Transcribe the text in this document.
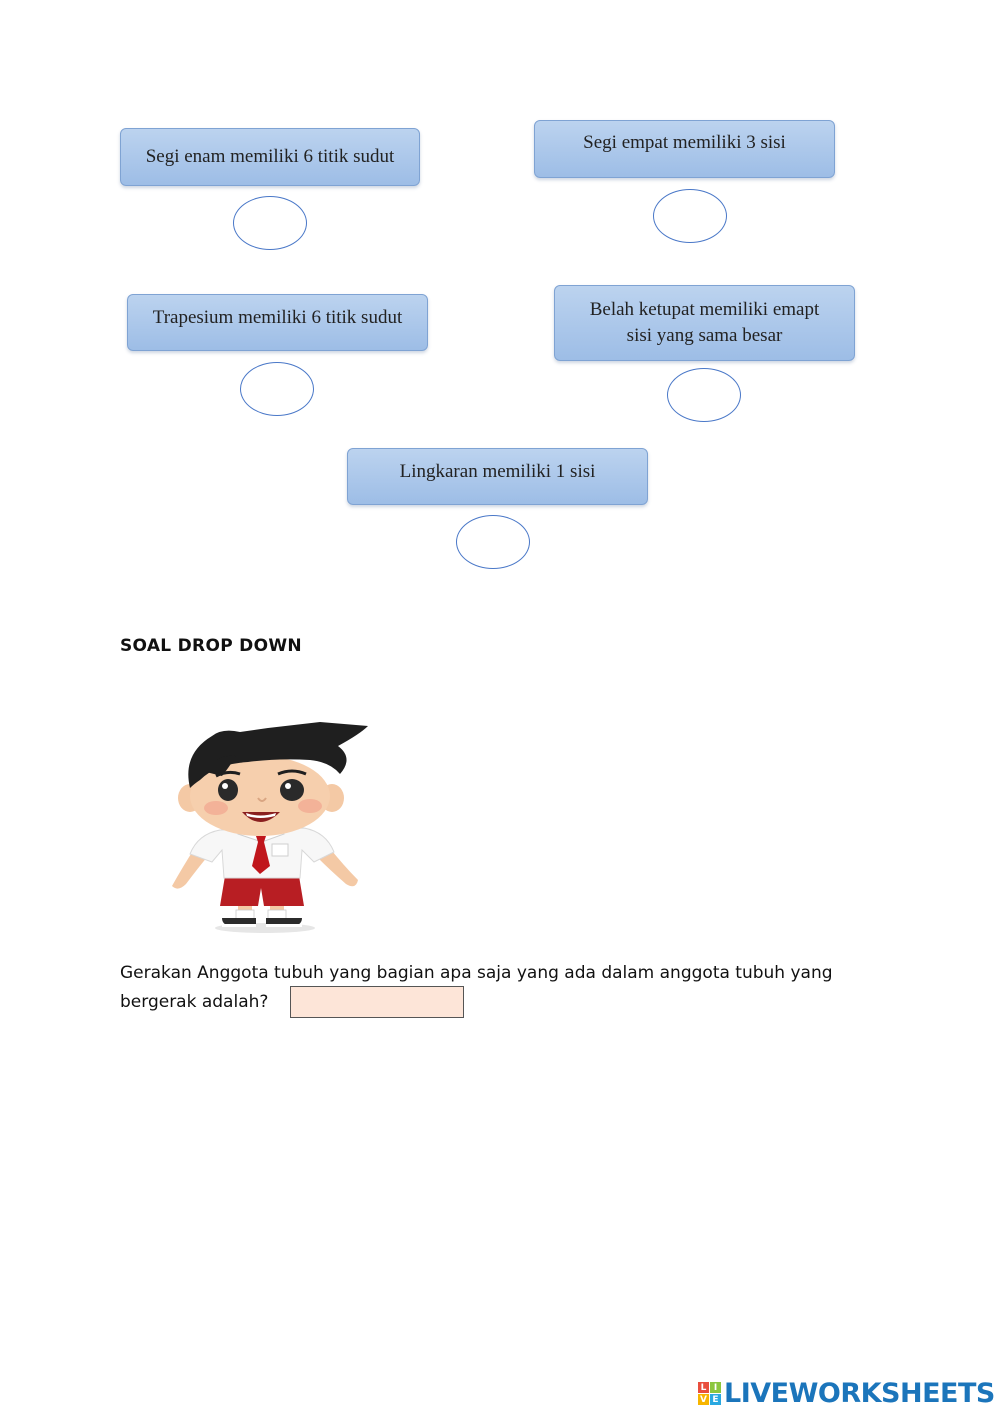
Segi enam memiliki 6 titik sudut
Segi empat memiliki 3 sisi
Trapesium memiliki 6 titik sudut	Belah ketupat memiliki emapt sisi yang sama besar
Lingkaran memiliki 1 sisi
SOAL DROP DOWN
Gerakan Anggota tubuh yang bagian apa saja yang ada dalam anggota tubuh yang bergerak adalah?
L I
V E LIVEWORKSHEETS
